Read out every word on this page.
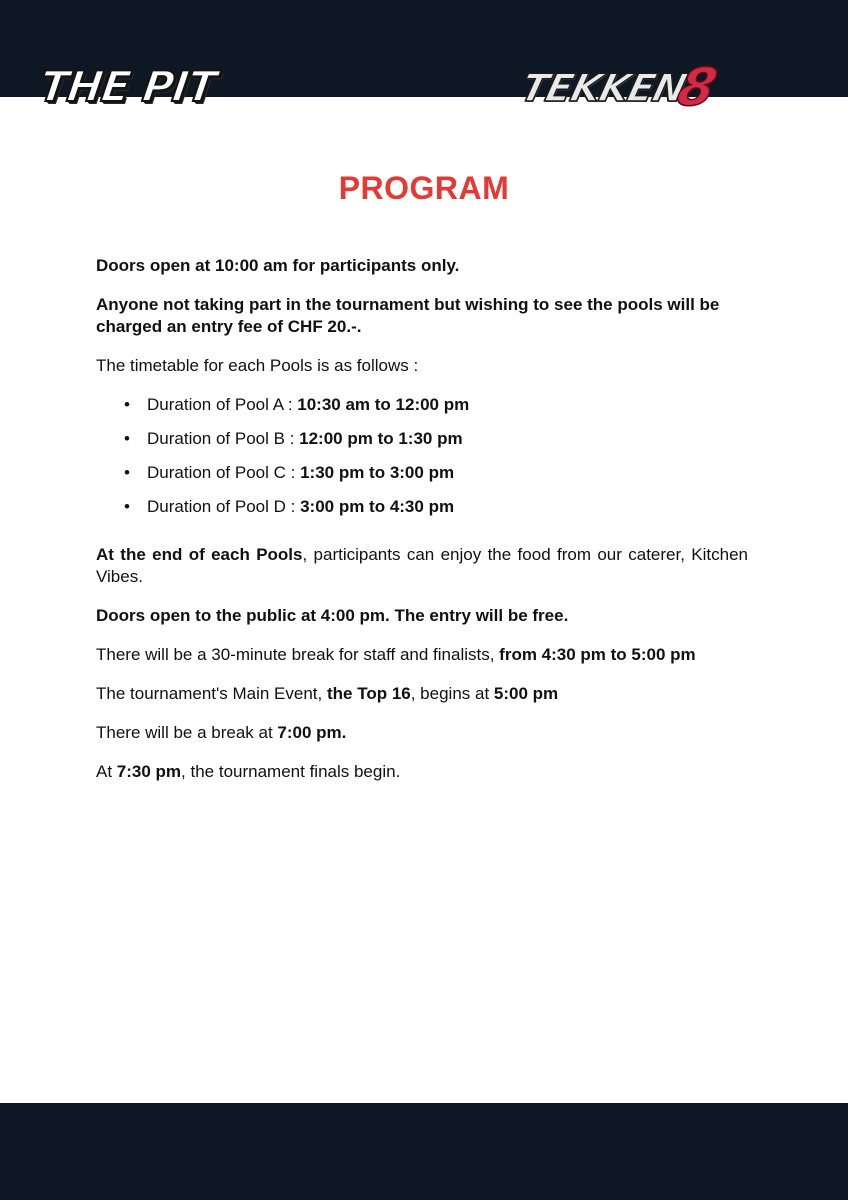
THE PIT	TEKKEN8
PROGRAM

Doors open at 10:00 am for participants only.

Anyone not taking part in the tournament but wishing to see the pools will be charged an entry fee of CHF 20.-.

The timetable for each Pools is as follows :

• Duration of Pool A : 10:30 am to 12:00 pm
• Duration of Pool B : 12:00 pm to 1:30 pm
• Duration of Pool C : 1:30 pm to 3:00 pm
• Duration of Pool D : 3:00 pm to 4:30 pm

At the end of each Pools, participants can enjoy the food from our caterer, Kitchen Vibes.

Doors open to the public at 4:00 pm. The entry will be free.

There will be a 30-minute break for staff and finalists, from 4:30 pm to 5:00 pm

The tournament's Main Event, the Top 16, begins at 5:00 pm

There will be a break at 7:00 pm.

At 7:30 pm, the tournament finals begin.
